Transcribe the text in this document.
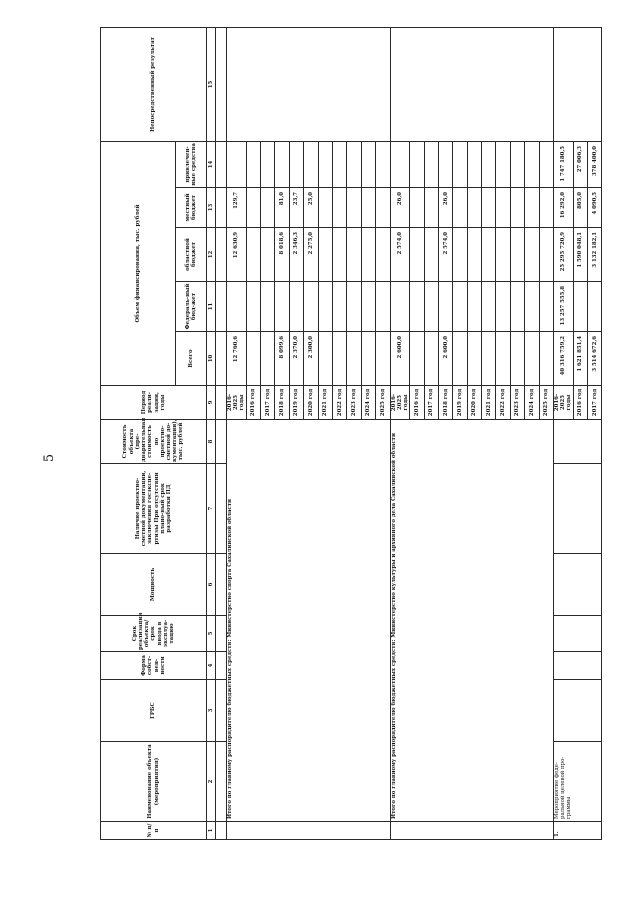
5
№ п/п	Наименование объекта (мероприятия)	ГРБС	Форма собст-вен-ности	Срок реализации объекта/ срок ввода в эксплуа-тацию	Мощность	Наличие проектно-сметной документации, заключения госэкспе-ртизы При отсутствии плано-вый срок разработки ПД	Стоимость объекта (пре-дварительная стоимость по проектно-сметной до-кументации), тыс. рублей	Период реали-зации, годы	Объем финансирования, тыс. рублей					Непосредственный результат
									Всего	Федераль-ный бюд-жет	областной бюджет	местный бюджет	привлечен-ные средства	
1	2	3	4	5	6	7	8	9	10	11	12	13	14	15

	Итого по главному распорядителю бюджетных средств: Министерство спорта Сахалинской области							2016-2025 годы	12 760,6		12 630,9	129,7		
								2016 год						
								2017 год						
								2018 год	8 099,6		8 018,6	81,0		
								2019 год	2 370,0		2 346,3	23,7		
								2020 год	2 300,0		2 275,0	25,0		
								2021 год						
								2022 год						
								2023 год						
								2024 год						
								2025 год						
	Итого по главному распорядителю бюджетных средств: Министерство культуры и архивного дела Сахалинской области							2016-2025 годы	2 600,0		2 574,0	26,0		
								2016 год						
								2017 год						
								2018 год	2 600,0		2 574,0	26,0		
								2019 год						
								2020 год						
								2021 год						
								2022 год						
								2023 год						
								2024 год						
								2025 год						
1.	Мероприятие феде-ральной целевой про-граммы							2016-2025 годы	40 316 759,2	13 257 555,8	25 295 720,9	16 292,0	1 747 180,5	
								2016 год	1 621 851,4		1 590 048,1	805,0	27 006,3	
								2017 год	3 514 672,6		3 132 182,1	4 090,5	378 400,0	
